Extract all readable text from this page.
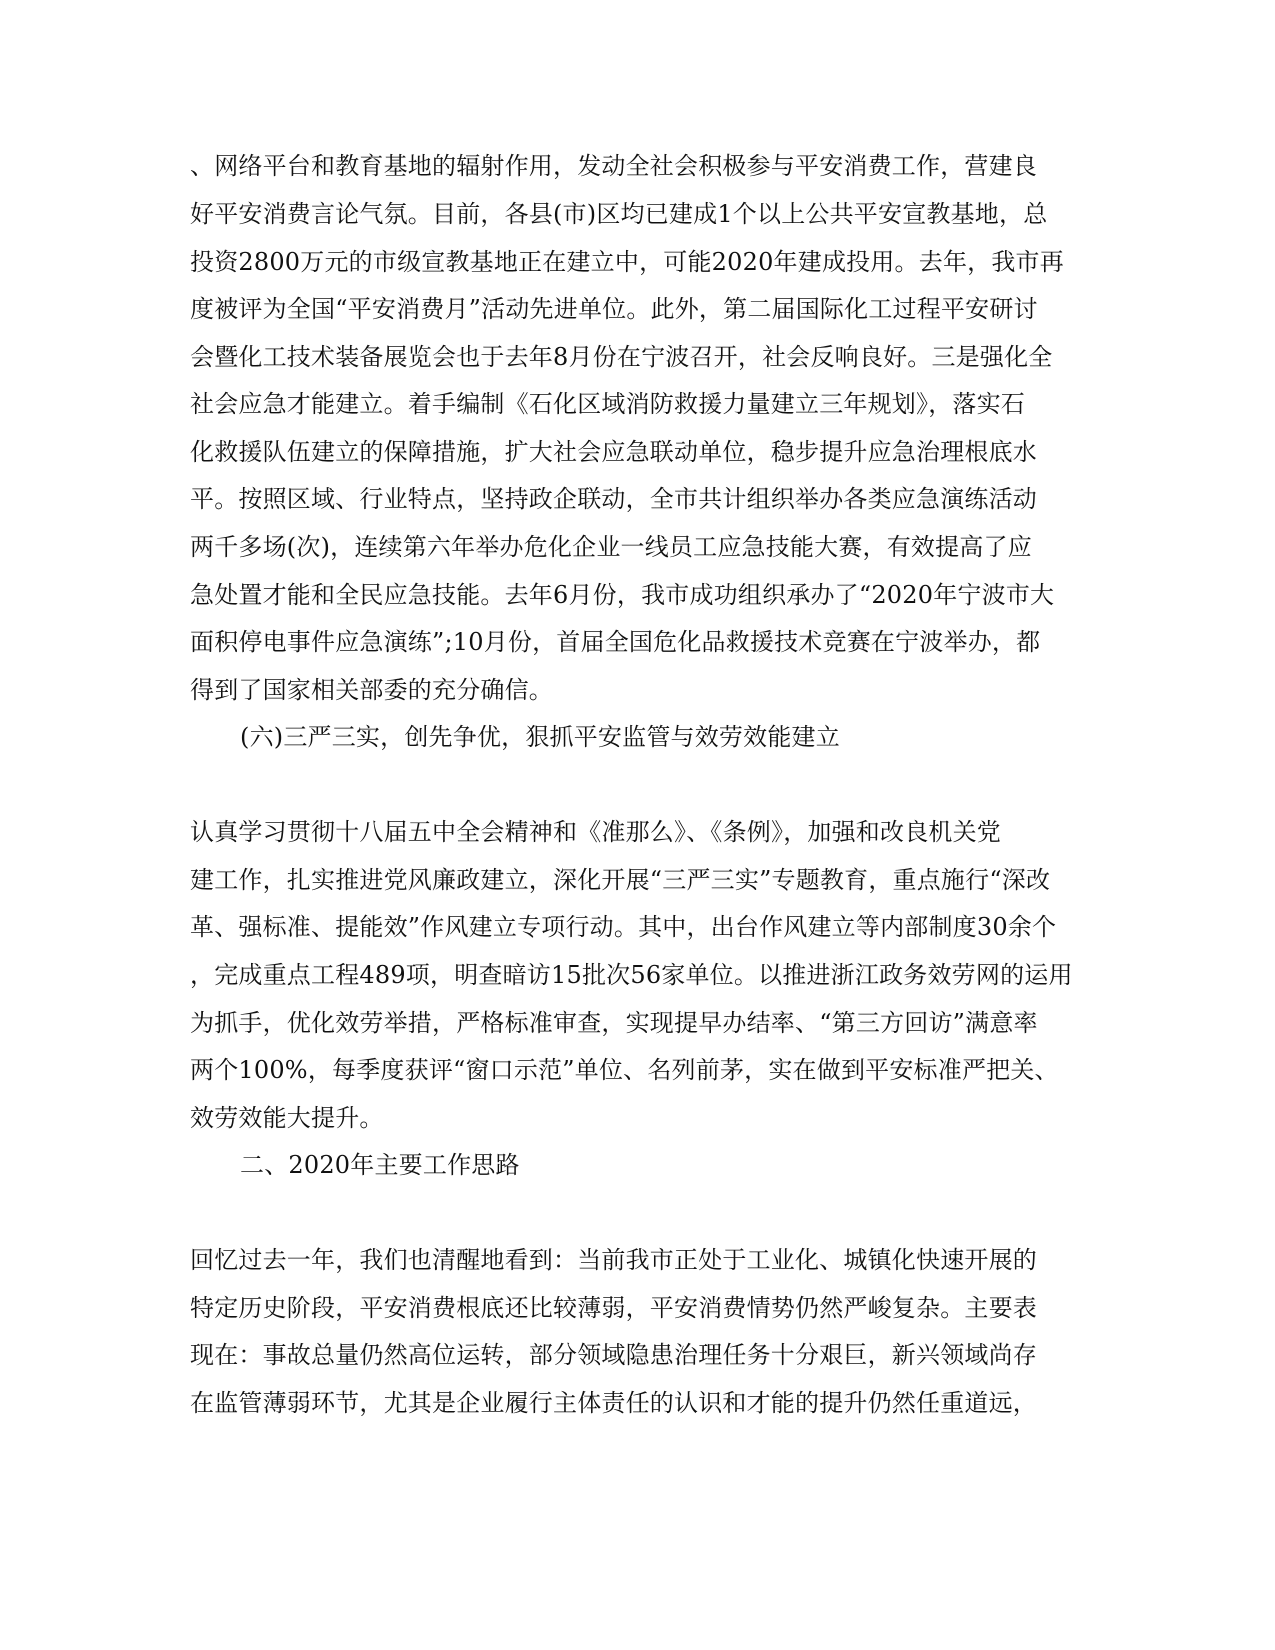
、网络平台和教育基地的辐射作用，发动全社会积极参与平安消费工作，营建良
好平安消费言论气氛。目前，各县(市)区均已建成1个以上公共平安宣教基地，总
投资2800万元的市级宣教基地正在建立中，可能2020年建成投用。去年，我市再
度被评为全国“平安消费月”活动先进单位。此外，第二届国际化工过程平安研讨
会暨化工技术装备展览会也于去年8月份在宁波召开，社会反响良好。三是强化全
社会应急才能建立。着手编制《石化区域消防救援力量建立三年规划》，落实石
化救援队伍建立的保障措施，扩大社会应急联动单位，稳步提升应急治理根底水
平。按照区域、行业特点，坚持政企联动，全市共计组织举办各类应急演练活动
两千多场(次)，连续第六年举办危化企业一线员工应急技能大赛，有效提高了应
急处置才能和全民应急技能。去年6月份，我市成功组织承办了“2020年宁波市大
面积停电事件应急演练”;10月份，首届全国危化品救援技术竞赛在宁波举办，都
得到了国家相关部委的充分确信。
(六)三严三实，创先争优，狠抓平安监管与效劳效能建立
认真学习贯彻十八届五中全会精神和《准那么》、《条例》，加强和改良机关党
建工作，扎实推进党风廉政建立，深化开展“三严三实”专题教育，重点施行“深改
革、强标准、提能效”作风建立专项行动。其中，出台作风建立等内部制度30余个
，完成重点工程489项，明查暗访15批次56家单位。以推进浙江政务效劳网的运用
为抓手，优化效劳举措，严格标准审查，实现提早办结率、“第三方回访”满意率
两个100%，每季度获评“窗口示范”单位、名列前茅，实在做到平安标准严把关、
效劳效能大提升。
二、2020年主要工作思路
回忆过去一年，我们也清醒地看到：当前我市正处于工业化、城镇化快速开展的
特定历史阶段，平安消费根底还比较薄弱，平安消费情势仍然严峻复杂。主要表
现在：事故总量仍然高位运转，部分领域隐患治理任务十分艰巨，新兴领域尚存
在监管薄弱环节，尤其是企业履行主体责任的认识和才能的提升仍然任重道远，
